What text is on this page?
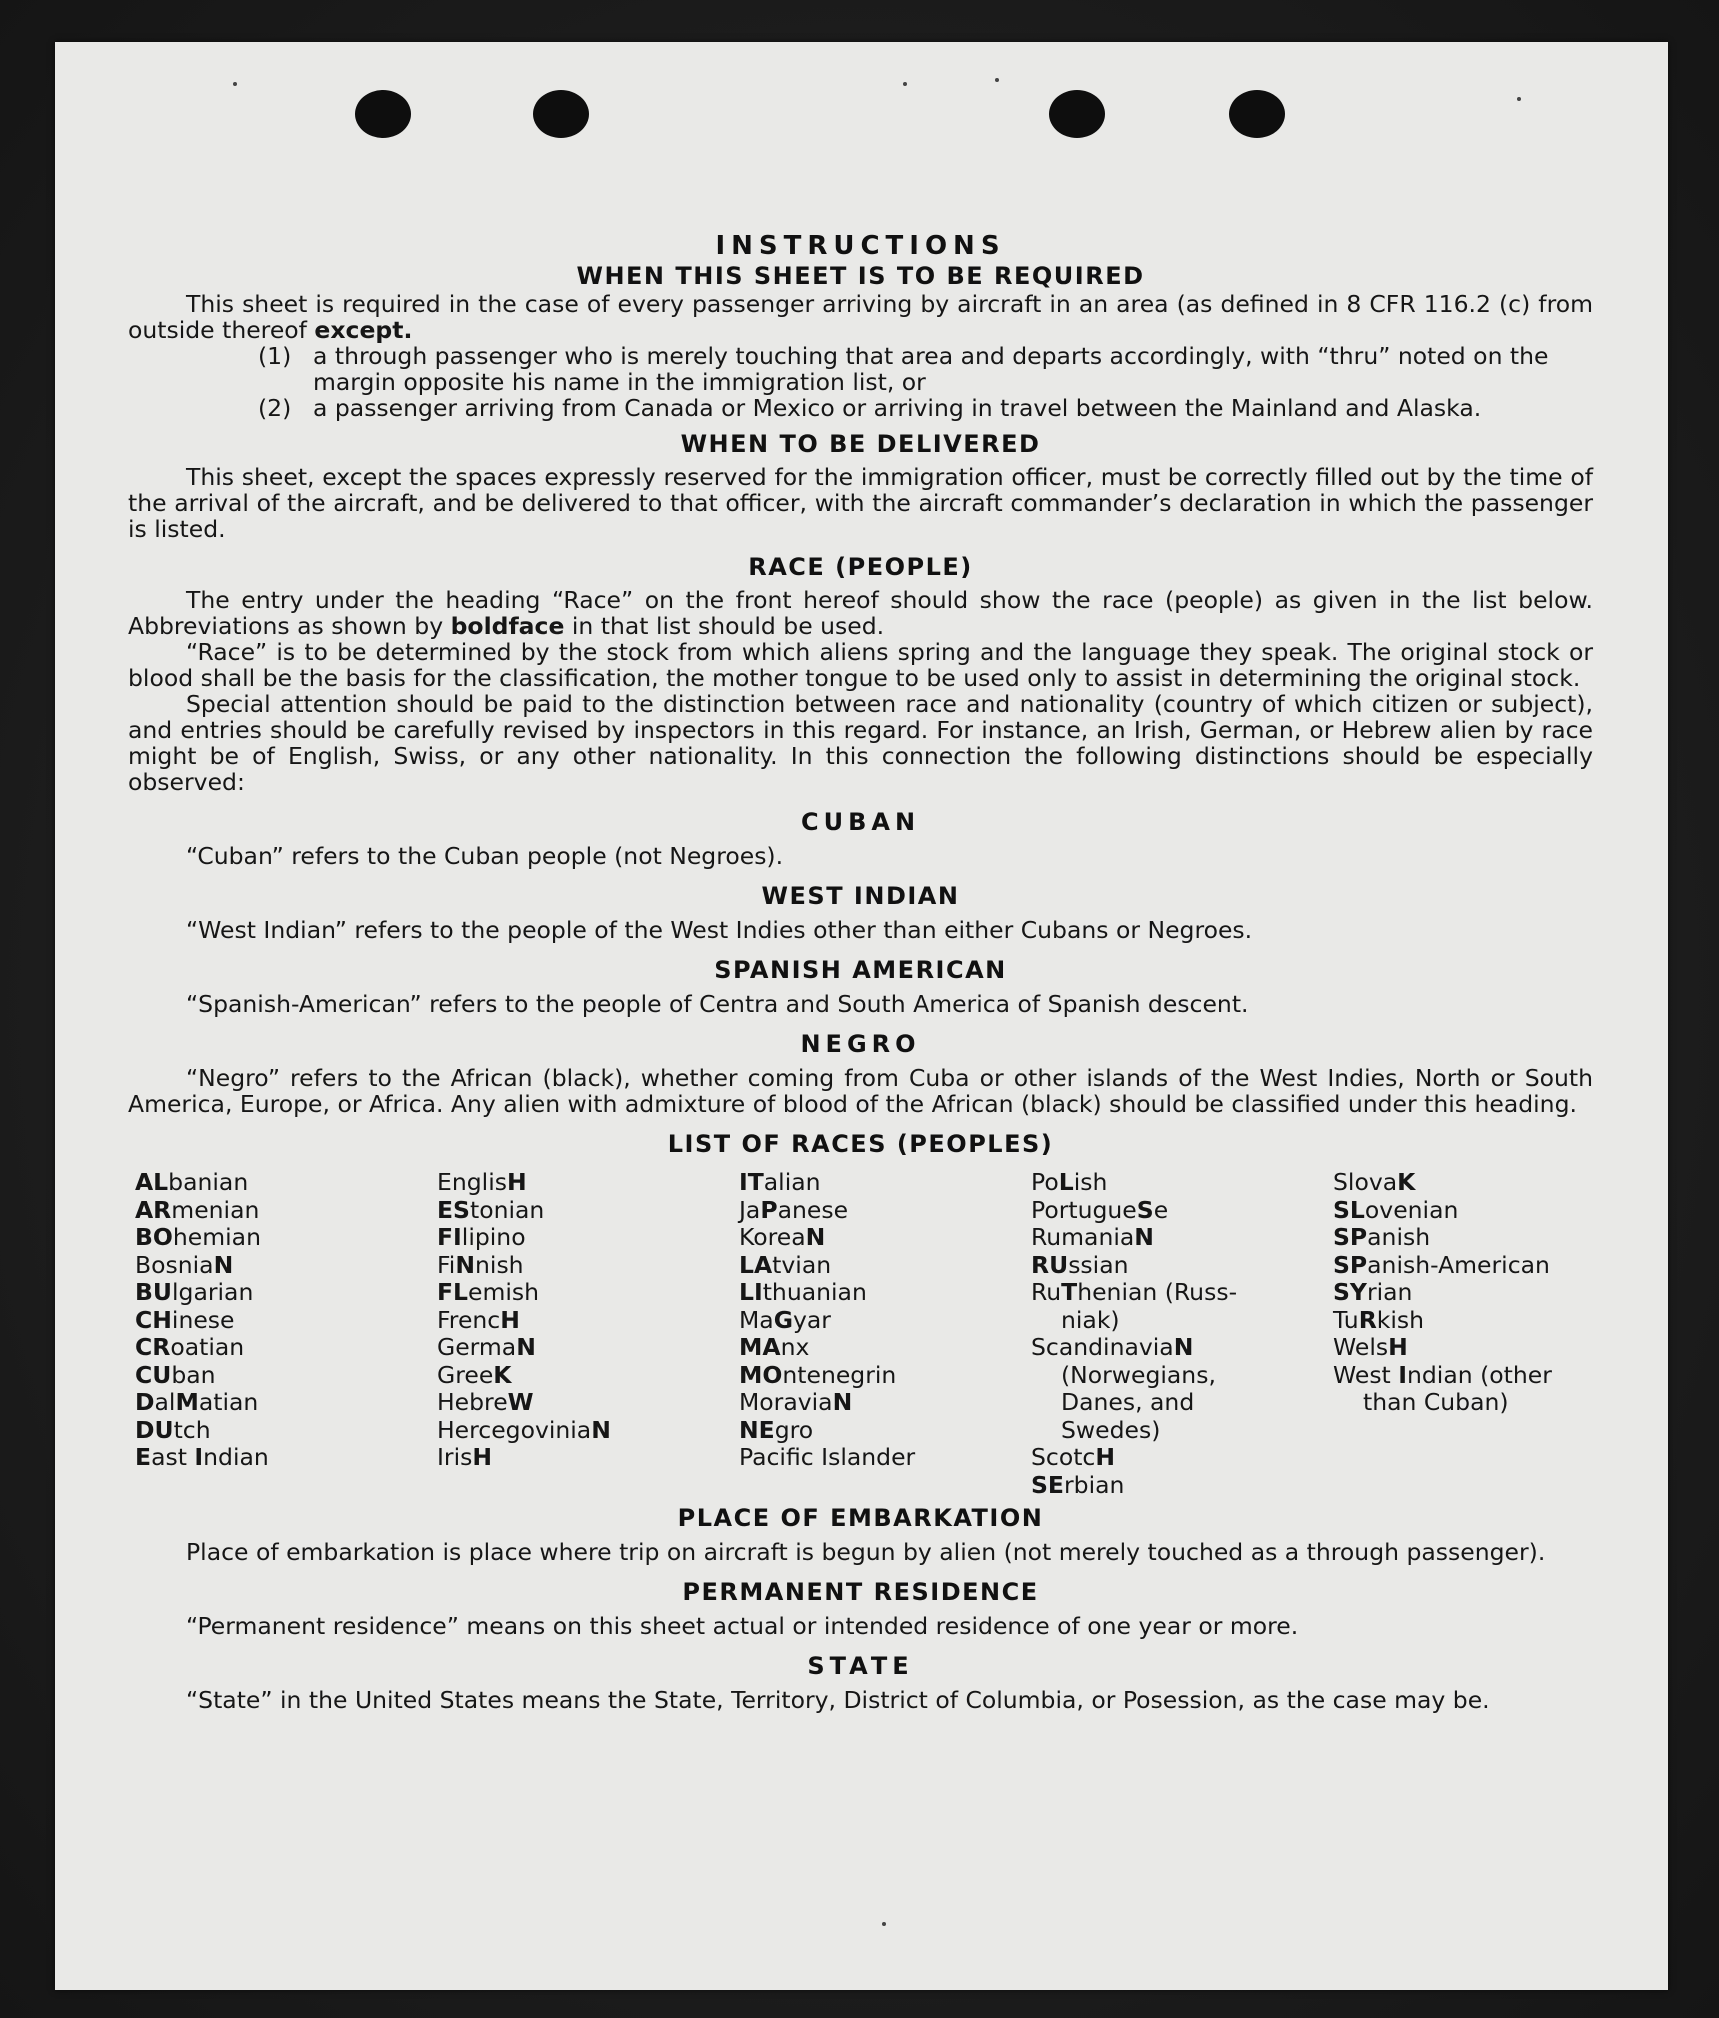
INSTRUCTIONS
WHEN THIS SHEET IS TO BE REQUIRED

This sheet is required in the case of every passenger arriving by aircraft in an area (as defined in 8 CFR 116.2 (c) from outside thereof except.

(1) a through passenger who is merely touching that area and departs accordingly, with “thru” noted on the margin opposite his name in the immigration list, or
(2) a passenger arriving from Canada or Mexico or arriving in travel between the Mainland and Alaska.
WHEN TO BE DELIVERED

This sheet, except the spaces expressly reserved for the immigration officer, must be correctly filled out by the time of the arrival of the aircraft, and be delivered to that officer, with the aircraft commander’s declaration in which the passenger is listed.

RACE (PEOPLE)

The entry under the heading “Race” on the front hereof should show the race (people) as given in the list below. Abbreviations as shown by boldface in that list should be used.

“Race” is to be determined by the stock from which aliens spring and the language they speak. The original stock or blood shall be the basis for the classification, the mother tongue to be used only to assist in determining the original stock.

Special attention should be paid to the distinction between race and nationality (country of which citizen or subject), and entries should be carefully revised by inspectors in this regard. For instance, an Irish, German, or Hebrew alien by race might be of English, Swiss, or any other nationality. In this connection the following distinctions should be especially observed:

CUBAN

“Cuban” refers to the Cuban people (not Negroes).

WEST INDIAN

“West Indian” refers to the people of the West Indies other than either Cubans or Negroes.

SPANISH AMERICAN

“Spanish-American” refers to the people of Centra and South America of Spanish descent.

NEGRO

“Negro” refers to the African (black), whether coming from Cuba or other islands of the West Indies, North or South America, Europe, or Africa. Any alien with admixture of blood of the African (black) should be classified under this heading.

LIST OF RACES (PEOPLES)
ALbanian
ARmenian
BOhemian
BosniaN
BUlgarian
CHinese
CRoatian
CUban
DalMatian
DUtch
East Indian
EnglisH
EStonian
FIlipino
FiNnish
FLemish
FrencH
GermaN
GreeK
HebreW
HercegoviniaN
IrisH
ITalian
JaPanese
KoreaN
LAtvian
LIthuanian
MaGyar
MAnx
MOntenegrin
MoraviaN
NEgro
Pacific Islander
PoLish
PortugueSe
RumaniaN
RUssian
RuThenian (Russ-
niak)
ScandinaviaN
(Norwegians,
Danes, and
Swedes)
ScotcH
SErbian
SlovaK
SLovenian
SPanish
SPanish-American
SYrian
TuRkish
WelsH
West Indian (other
than Cuban)
PLACE OF EMBARKATION

Place of embarkation is place where trip on aircraft is begun by alien (not merely touched as a through passenger).

PERMANENT RESIDENCE

“Permanent residence” means on this sheet actual or intended residence of one year or more.

STATE

“State” in the United States means the State, Territory, District of Columbia, or Posession, as the case may be.
